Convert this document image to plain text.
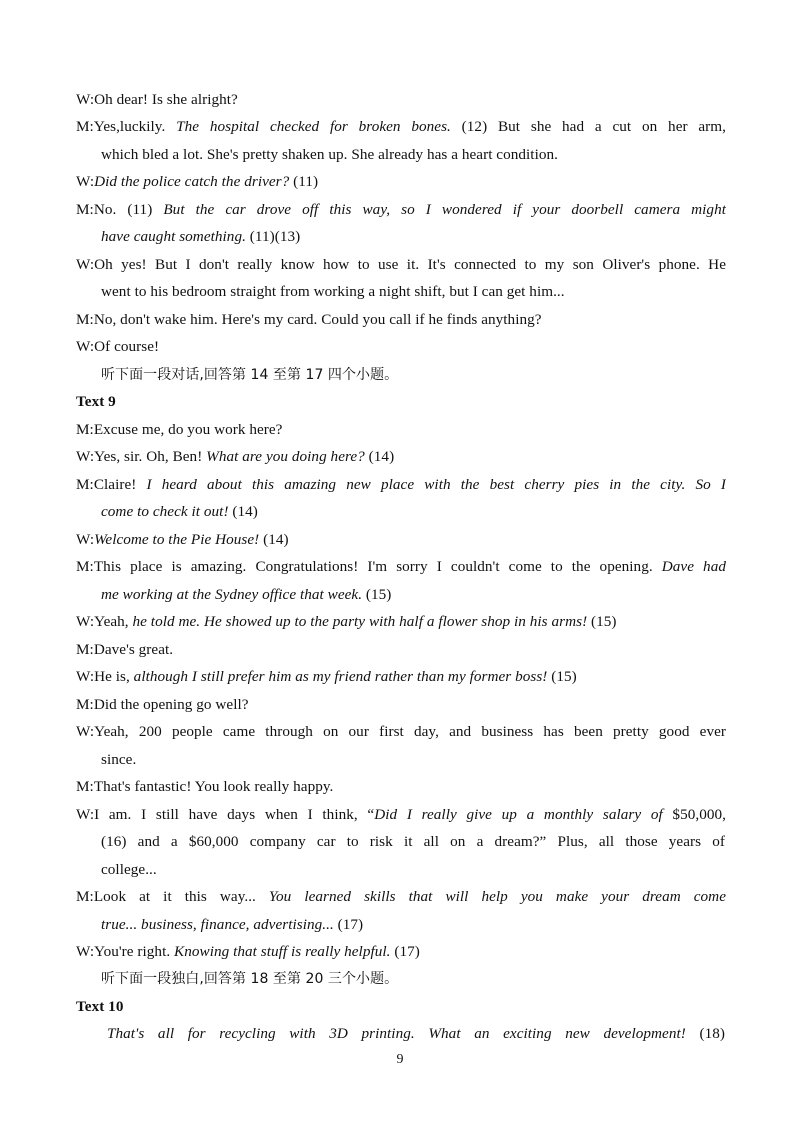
W:Oh dear! Is she alright?
M:Yes,luckily. The hospital checked for broken bones. (12) But she had a cut on her arm,
which bled a lot. She's pretty shaken up. She already has a heart condition.
W:Did the police catch the driver? (11)
M:No. (11) But the car drove off this way, so I wondered if your doorbell camera might
have caught something. (11)(13)
W:Oh yes! But I don't really know how to use it. It's connected to my son Oliver's phone. He
went to his bedroom straight from working a night shift, but I can get him...
M:No, don't wake him. Here's my card. Could you call if he finds anything?
W:Of course!
听下面一段对话,回答第 14 至第 17 四个小题。
Text 9
M:Excuse me, do you work here?
W:Yes, sir. Oh, Ben! What are you doing here? (14)
M:Claire! I heard about this amazing new place with the best cherry pies in the city. So I
come to check it out! (14)
W:Welcome to the Pie House! (14)
M:This place is amazing. Congratulations! I'm sorry I couldn't come to the opening. Dave had
me working at the Sydney office that week. (15)
W:Yeah, he told me. He showed up to the party with half a flower shop in his arms! (15)
M:Dave's great.
W:He is, although I still prefer him as my friend rather than my former boss! (15)
M:Did the opening go well?
W:Yeah, 200 people came through on our first day, and business has been pretty good ever
since.
M:That's fantastic! You look really happy.
W:I am. I still have days when I think, “Did I really give up a monthly salary of $50,000,
(16) and a $60,000 company car to risk it all on a dream?” Plus, all those years of
college...
M:Look at it this way... You learned skills that will help you make your dream come
true... business, finance, advertising... (17)
W:You're right. Knowing that stuff is really helpful. (17)
听下面一段独白,回答第 18 至第 20 三个小题。
Text 10
That's all for recycling with 3D printing. What an exciting new development! (18)
9
